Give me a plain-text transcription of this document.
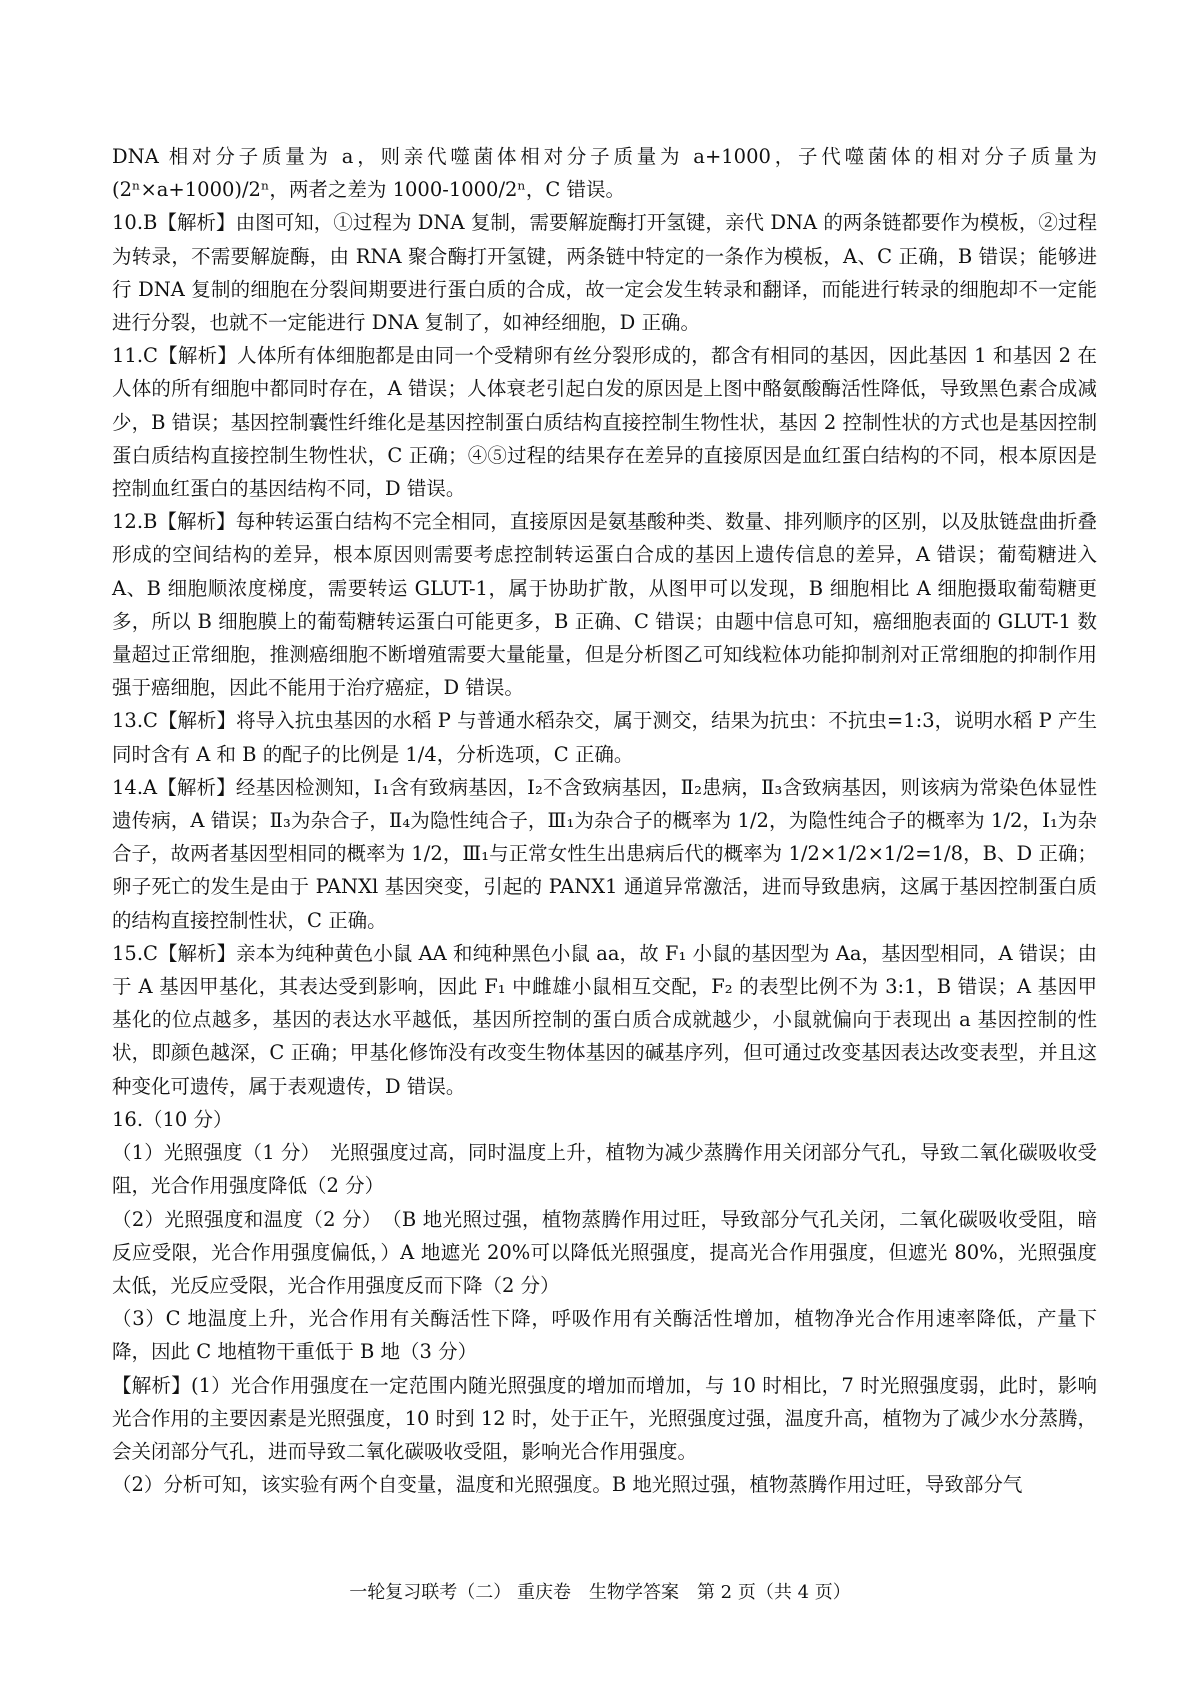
DNA 相对分子质量为 a，则亲代噬菌体相对分子质量为 a+1000，子代噬菌体的相对分子质量为(2ⁿ×a+1000)/2ⁿ，两者之差为 1000-1000/2ⁿ，C 错误。

10.B【解析】由图可知，①过程为 DNA 复制，需要解旋酶打开氢键，亲代 DNA 的两条链都要作为模板，②过程为转录，不需要解旋酶，由 RNA 聚合酶打开氢键，两条链中特定的一条作为模板，A、C 正确，B 错误；能够进行 DNA 复制的细胞在分裂间期要进行蛋白质的合成，故一定会发生转录和翻译，而能进行转录的细胞却不一定能进行分裂，也就不一定能进行 DNA 复制了，如神经细胞，D 正确。

11.C【解析】人体所有体细胞都是由同一个受精卵有丝分裂形成的，都含有相同的基因，因此基因 1 和基因 2 在人体的所有细胞中都同时存在，A 错误；人体衰老引起白发的原因是上图中酪氨酸酶活性降低，导致黑色素合成减少，B 错误；基因控制囊性纤维化是基因控制蛋白质结构直接控制生物性状，基因 2 控制性状的方式也是基因控制蛋白质结构直接控制生物性状，C 正确；④⑤过程的结果存在差异的直接原因是血红蛋白结构的不同，根本原因是控制血红蛋白的基因结构不同，D 错误。

12.B【解析】每种转运蛋白结构不完全相同，直接原因是氨基酸种类、数量、排列顺序的区别，以及肽链盘曲折叠形成的空间结构的差异，根本原因则需要考虑控制转运蛋白合成的基因上遗传信息的差异，A 错误；葡萄糖进入 A、B 细胞顺浓度梯度，需要转运 GLUT-1，属于协助扩散，从图甲可以发现，B 细胞相比 A 细胞摄取葡萄糖更多，所以 B 细胞膜上的葡萄糖转运蛋白可能更多，B 正确、C 错误；由题中信息可知，癌细胞表面的 GLUT-1 数量超过正常细胞，推测癌细胞不断增殖需要大量能量，但是分析图乙可知线粒体功能抑制剂对正常细胞的抑制作用强于癌细胞，因此不能用于治疗癌症，D 错误。

13.C【解析】将导入抗虫基因的水稻 P 与普通水稻杂交，属于测交，结果为抗虫：不抗虫=1:3，说明水稻 P 产生同时含有 A 和 B 的配子的比例是 1/4，分析选项，C 正确。

14.A【解析】经基因检测知，Ⅰ₁含有致病基因，Ⅰ₂不含致病基因，Ⅱ₂患病，Ⅱ₃含致病基因，则该病为常染色体显性遗传病，A 错误；Ⅱ₃为杂合子，Ⅱ₄为隐性纯合子，Ⅲ₁为杂合子的概率为 1/2，为隐性纯合子的概率为 1/2，Ⅰ₁为杂合子，故两者基因型相同的概率为 1/2，Ⅲ₁与正常女性生出患病后代的概率为 1/2×1/2×1/2=1/8，B、D 正确；卵子死亡的发生是由于 PANXl 基因突变，引起的 PANX1 通道异常激活，进而导致患病，这属于基因控制蛋白质的结构直接控制性状，C 正确。

15.C【解析】亲本为纯种黄色小鼠 AA 和纯种黑色小鼠 aa，故 F₁ 小鼠的基因型为 Aa，基因型相同，A 错误；由于 A 基因甲基化，其表达受到影响，因此 F₁ 中雌雄小鼠相互交配，F₂ 的表型比例不为 3:1，B 错误；A 基因甲基化的位点越多，基因的表达水平越低，基因所控制的蛋白质合成就越少，小鼠就偏向于表现出 a 基因控制的性状，即颜色越深，C 正确；甲基化修饰没有改变生物体基因的碱基序列，但可通过改变基因表达改变表型，并且这种变化可遗传，属于表观遗传，D 错误。

16.（10 分）

（1）光照强度（1 分）　光照强度过高，同时温度上升，植物为减少蒸腾作用关闭部分气孔，导致二氧化碳吸收受阻，光合作用强度降低（2 分）

（2）光照强度和温度（2 分）　（B 地光照过强，植物蒸腾作用过旺，导致部分气孔关闭，二氧化碳吸收受阻，暗反应受限，光合作用强度偏低，）A 地遮光 20%可以降低光照强度，提高光合作用强度，但遮光 80%，光照强度太低，光反应受限，光合作用强度反而下降（2 分）

（3）C 地温度上升，光合作用有关酶活性下降，呼吸作用有关酶活性增加，植物净光合作用速率降低，产量下降，因此 C 地植物干重低于 B 地（3 分）

【解析】(1）光合作用强度在一定范围内随光照强度的增加而增加，与 10 时相比，7 时光照强度弱，此时，影响光合作用的主要因素是光照强度，10 时到 12 时，处于正午，光照强度过强，温度升高，植物为了减少水分蒸腾，会关闭部分气孔，进而导致二氧化碳吸收受阻，影响光合作用强度。

（2）分析可知，该实验有两个自变量，温度和光照强度。B 地光照过强，植物蒸腾作用过旺，导致部分气

一轮复习联考（二） 重庆卷　生物学答案　第 2 页（共 4 页）
